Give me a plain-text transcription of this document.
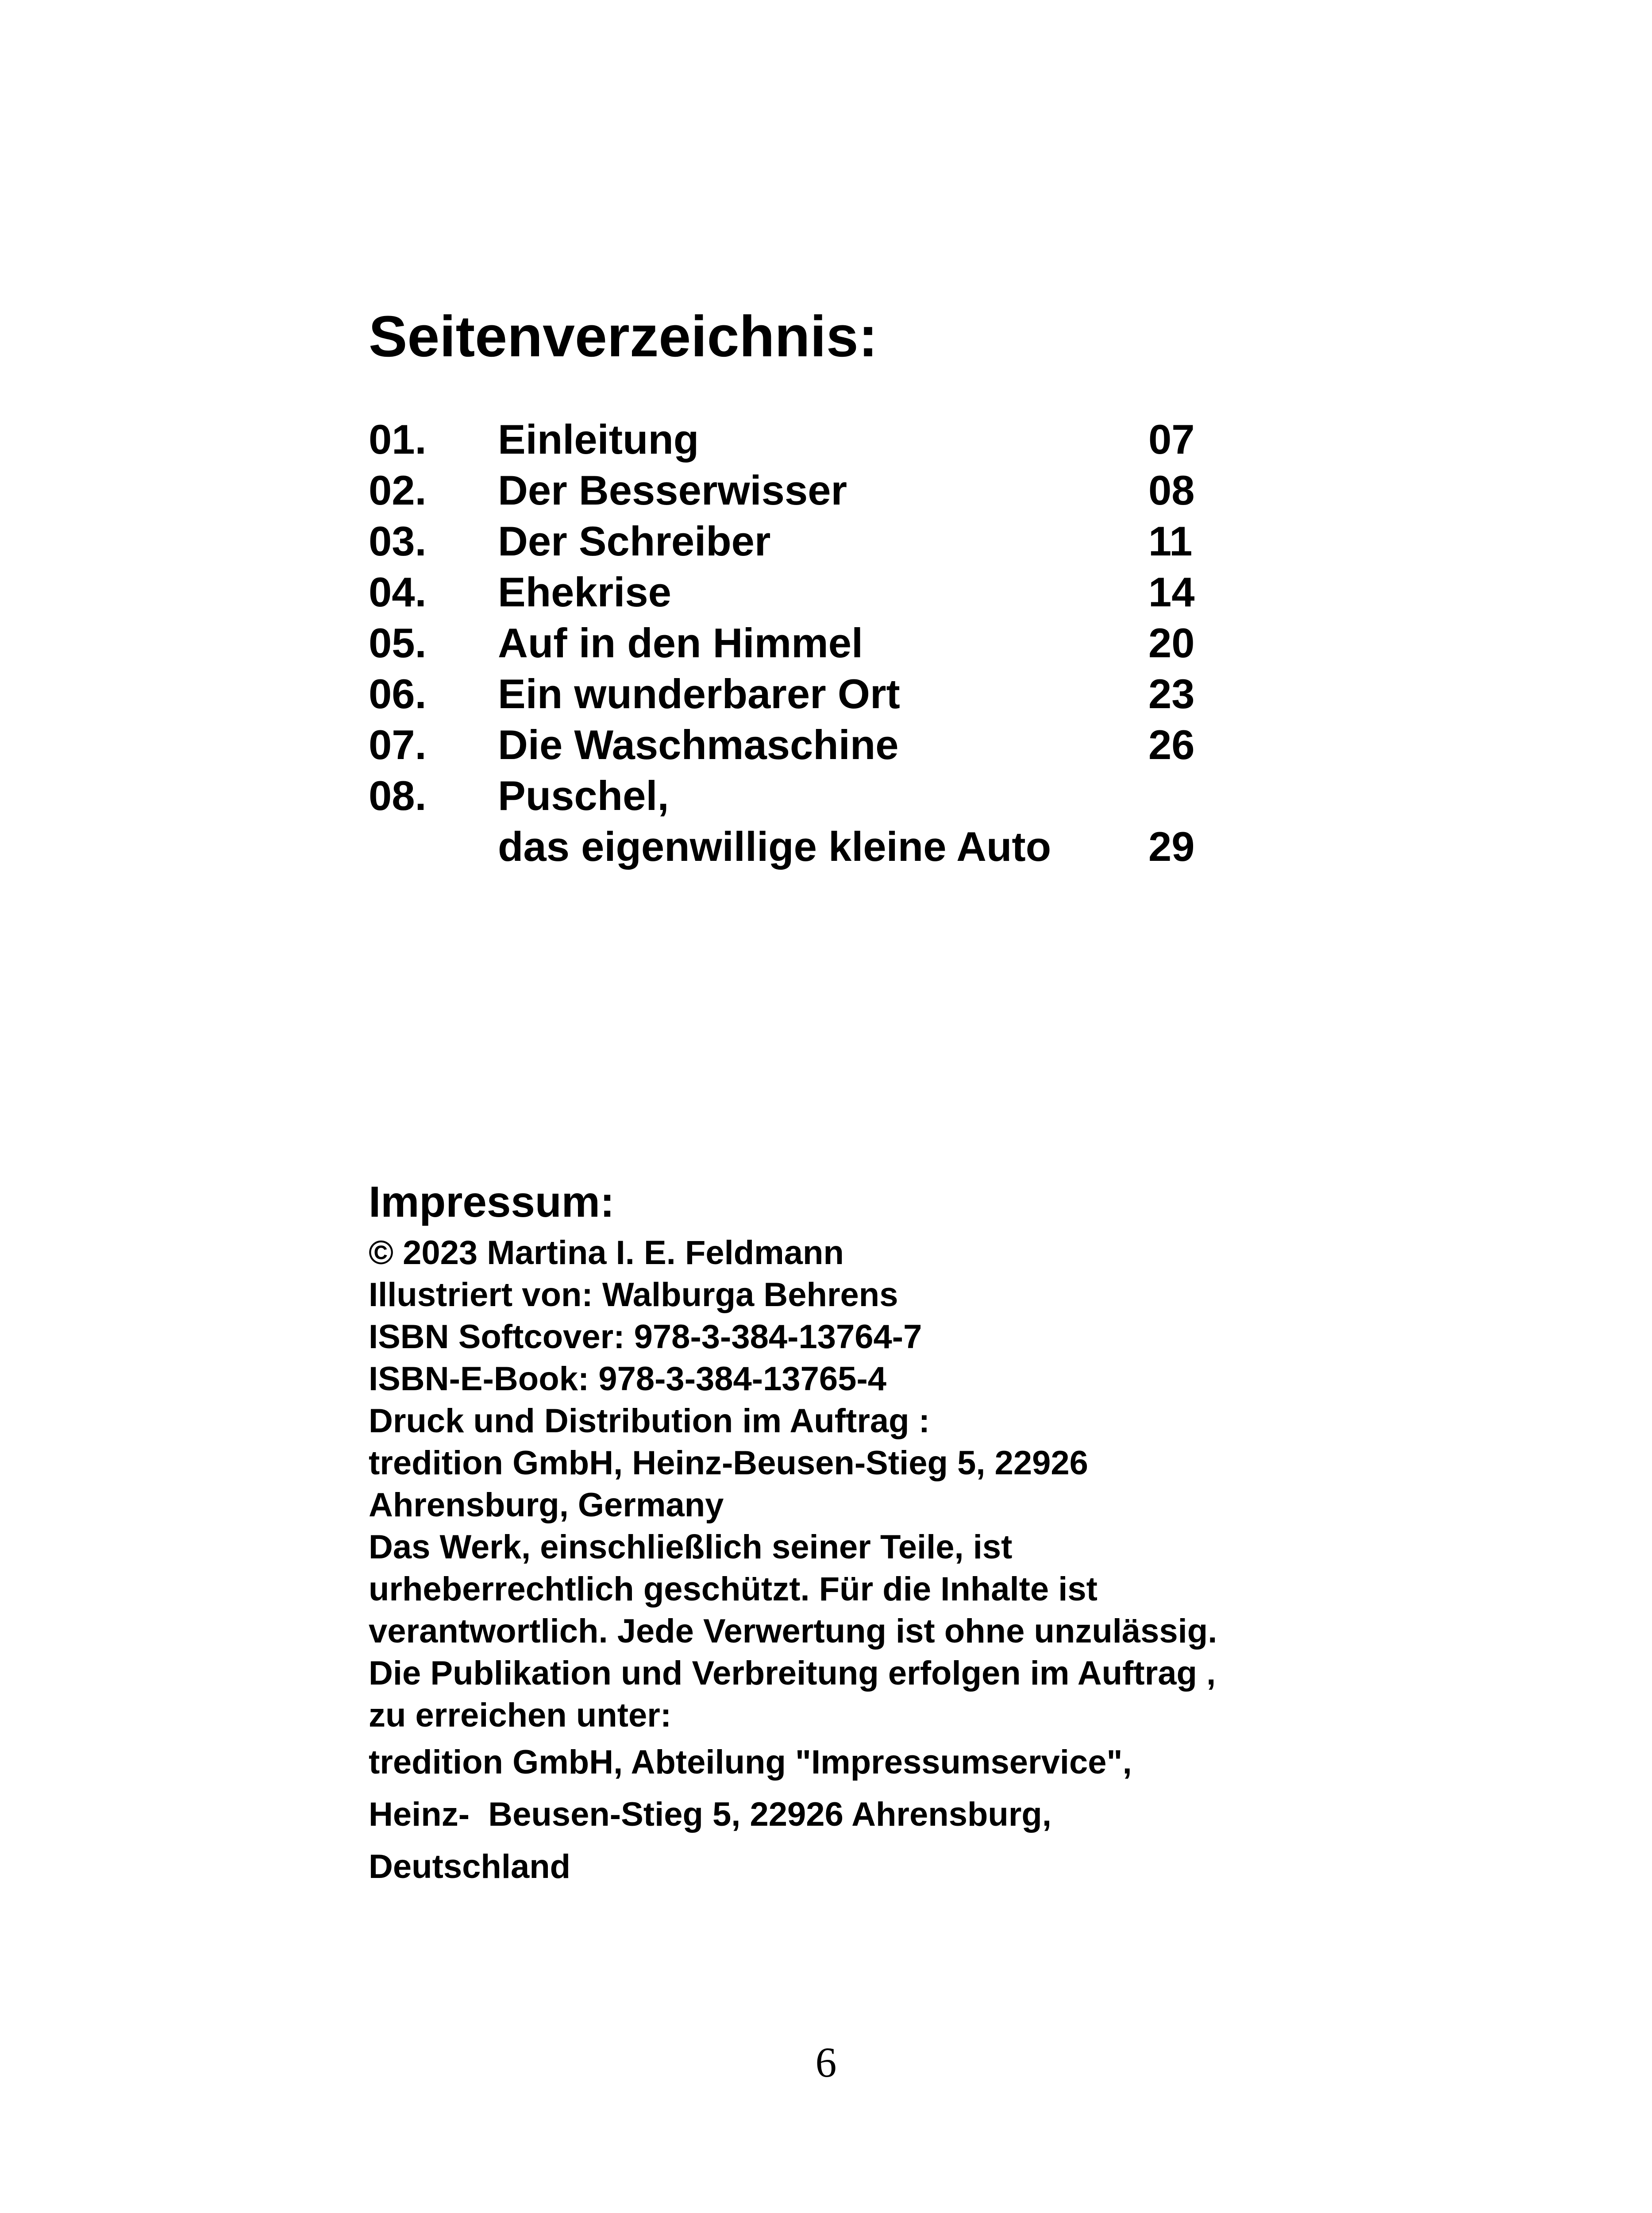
Seitenverzeichnis:
01. Einleitung	07
02. Der Besserwisser	08
03. Der Schreiber	11
04. Ehekrise	14
05. Auf in den Himmel	20
06. Ein wunderbarer Ort	23
07. Die Waschmaschine	26
08. Puschel,
das eigenwillige kleine Auto 29
Impressum:
© 2023 Martina I. E. Feldmann
Illustriert von: Walburga Behrens
ISBN Softcover: 978-3-384-13764-7
ISBN-E-Book: 978-3-384-13765-4
Druck und Distribution im Auftrag :
tredition GmbH, Heinz-Beusen-Stieg 5, 22926
Ahrensburg, Germany
Das Werk, einschließlich seiner Teile, ist
urheberrechtlich geschützt. Für die Inhalte ist
verantwortlich. Jede Verwertung ist ohne unzulässig.
Die Publikation und Verbreitung erfolgen im Auftrag ,
zu erreichen unter:
tredition GmbH, Abteilung "Impressumservice",
Heinz-  Beusen-Stieg 5, 22926 Ahrensburg,
Deutschland
6
